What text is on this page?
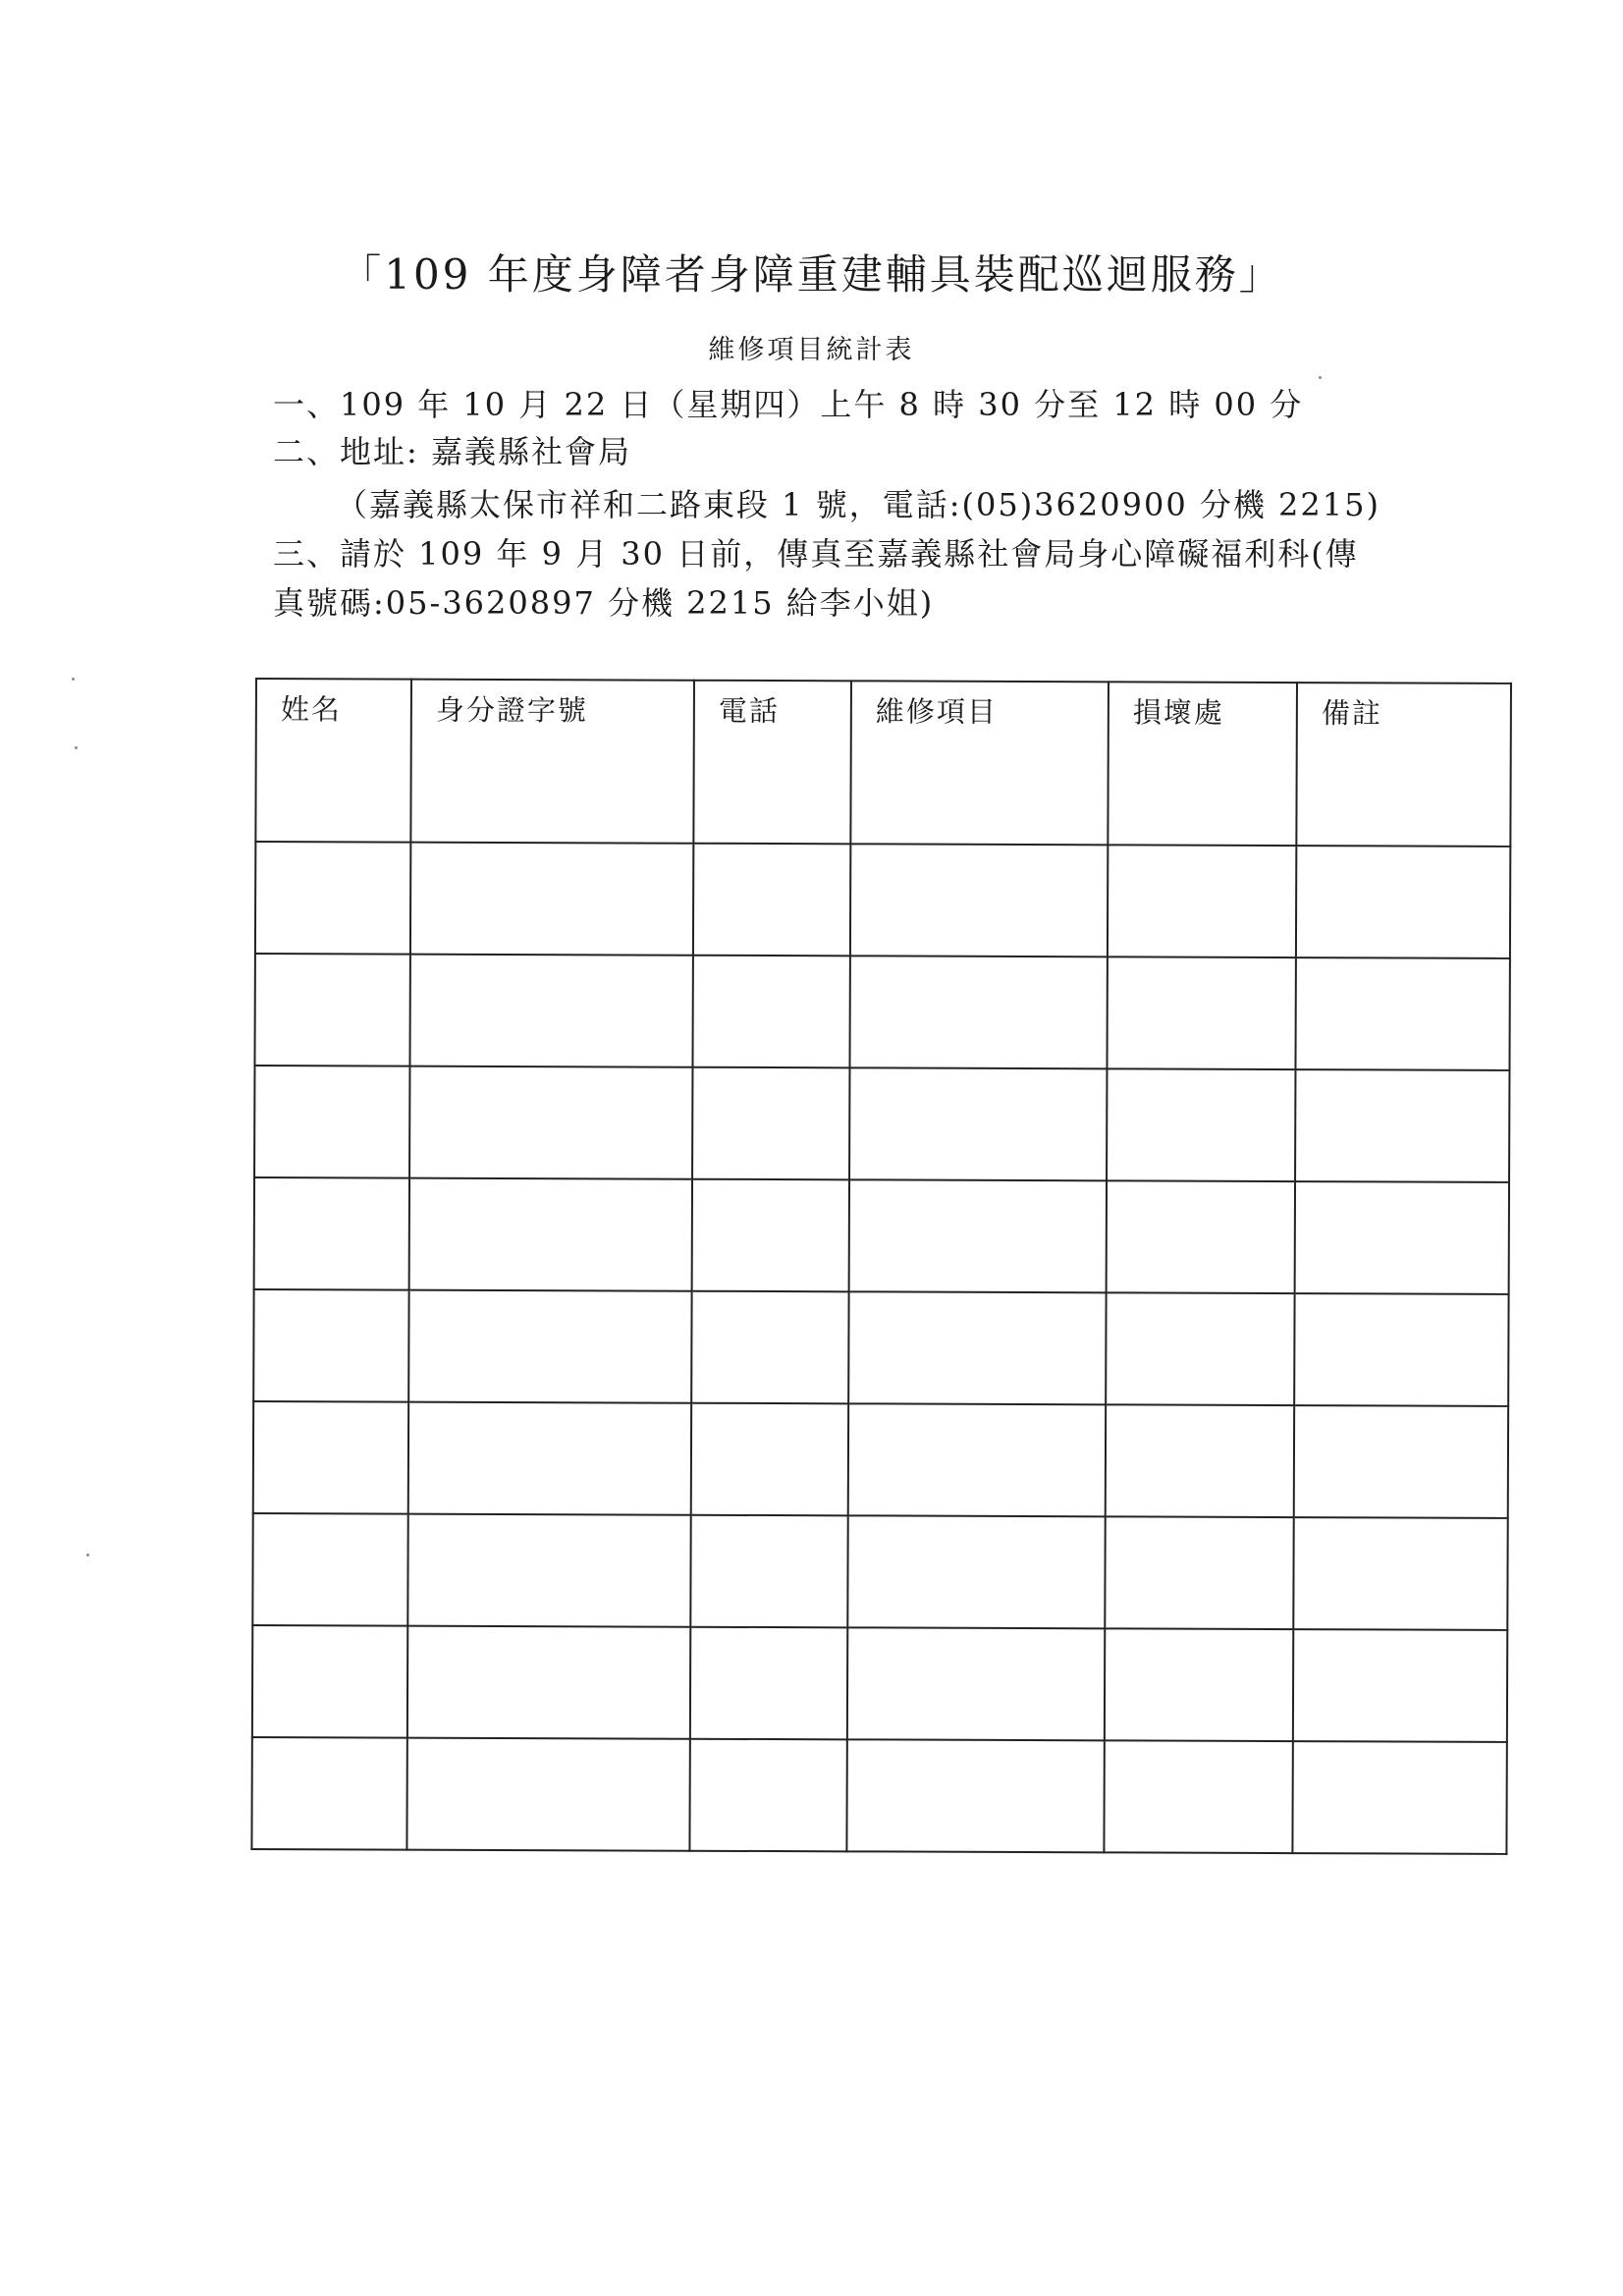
「109 年度身障者身障重建輔具裝配巡迴服務」
維修項目統計表
一、109 年 10 月 22 日（星期四）上午 8 時 30 分至 12 時 00 分
二、地址: 嘉義縣社會局
（嘉義縣太保市祥和二路東段 1 號，電話:(05)3620900 分機 2215)
三、請於 109 年 9 月 30 日前，傳真至嘉義縣社會局身心障礙福利科(傳
真號碼:05-3620897 分機 2215 給李小姐)
姓名	身分證字號	電話	維修項目	損壞處	備註
